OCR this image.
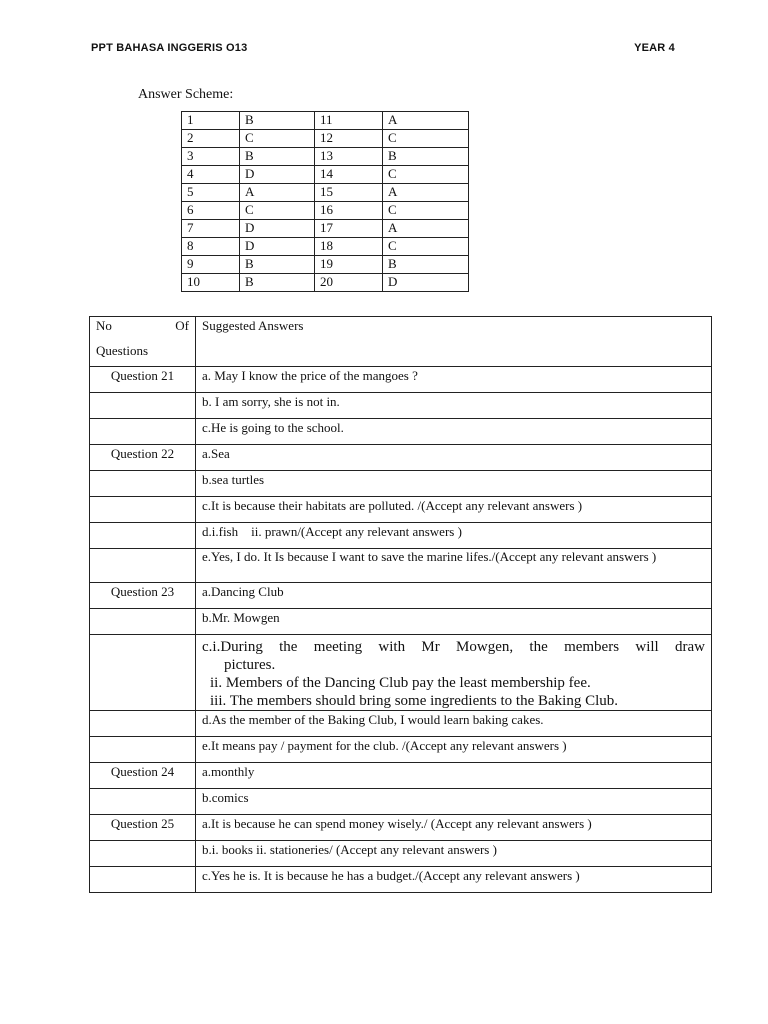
PPT BAHASA INGGERIS O13	YEAR 4
Answer Scheme:
1	B	11	A
2	C	12	C
3	B	13	B
4	D	14	C
5	A	15	A
6	C	16	C
7	D	17	A
8	D	18	C
9	B	19	B
10	B	20	D
No Of
Questions	Suggested Answers
Question 21	a. May I know the price of the mangoes ?
	b. I am sorry, she is not in.
	c.He is going to the school.
Question 22	a.Sea
	b.sea turtles
	c.It is because their habitats are polluted. /(Accept any relevant answers )
	d.i.fish    ii. prawn/(Accept any relevant answers )
	e.Yes, I do. It Is because I want to save the marine lifes./(Accept any relevant answers )
Question 23	a.Dancing Club
	b.Mr. Mowgen

	c.i.During the meeting with Mr Mowgen, the members will draw
pictures.
ii. Members of the Dancing Club pay the least membership fee.
iii. The members should bring some ingredients to the Baking Club.

	d.As the member of the Baking Club, I would learn baking cakes.
	e.It means pay / payment for the club. /(Accept any relevant answers )
Question 24	a.monthly
	b.comics
Question 25	a.It is because he can spend money wisely./ (Accept any relevant answers )
	b.i. books ii. stationeries/ (Accept any relevant answers )
	c.Yes he is. It is because he has a budget./(Accept any relevant answers )
